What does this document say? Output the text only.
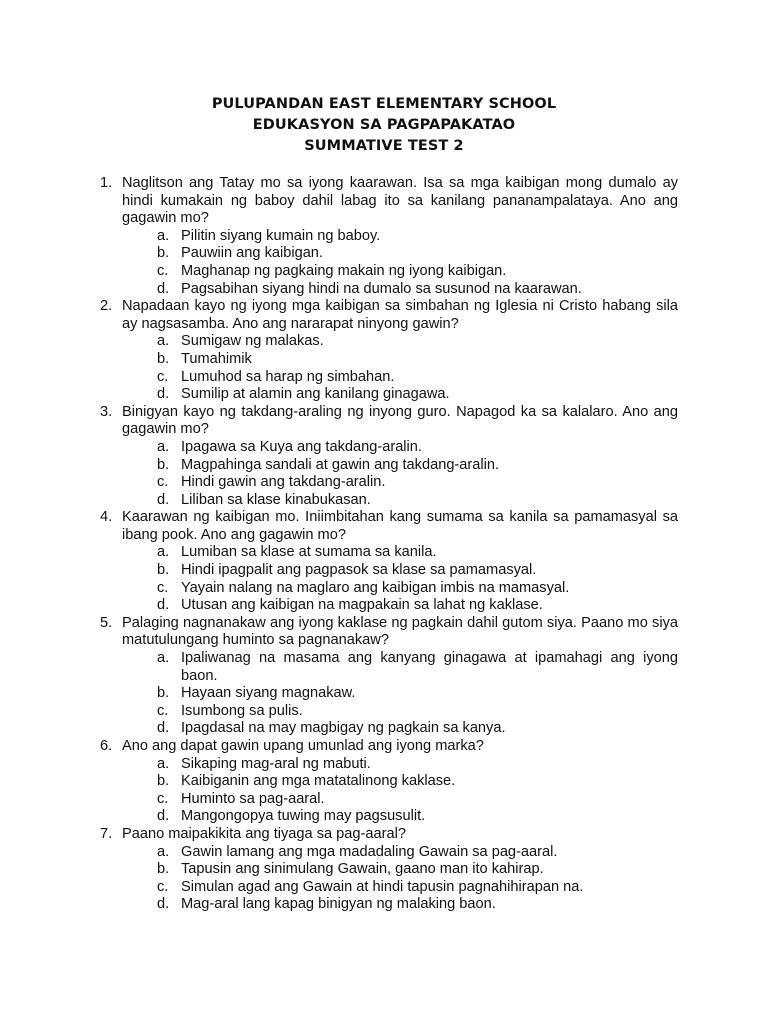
PULUPANDAN EAST ELEMENTARY SCHOOL
EDUKASYON SA PAGPAPAKATAO
SUMMATIVE TEST 2
1. Naglitson ang Tatay mo sa iyong kaarawan. Isa sa mga kaibigan mong dumalo ay hindi kumakain ng baboy dahil labag ito sa kanilang pananampalataya. Ano ang gagawin mo?
a. Pilitin siyang kumain ng baboy.
b. Pauwiin ang kaibigan.
c. Maghanap ng pagkaing makain ng iyong kaibigan.
d. Pagsabihan siyang hindi na dumalo sa susunod na kaarawan.
2. Napadaan kayo ng iyong mga kaibigan sa simbahan ng Iglesia ni Cristo habang sila ay nagsasamba. Ano ang nararapat ninyong gawin?
a. Sumigaw ng malakas.
b. Tumahimik
c. Lumuhod sa harap ng simbahan.
d. Sumilip at alamin ang kanilang ginagawa.
3. Binigyan kayo ng takdang-araling ng inyong guro. Napagod ka sa kalalaro. Ano ang gagawin mo?
a. Ipagawa sa Kuya ang takdang-aralin.
b. Magpahinga sandali at gawin ang takdang-aralin.
c. Hindi gawin ang takdang-aralin.
d. Liliban sa klase kinabukasan.
4. Kaarawan ng kaibigan mo. Iniimbitahan kang sumama sa kanila sa pamamasyal sa ibang pook. Ano ang gagawin mo?
a. Lumiban sa klase at sumama sa kanila.
b. Hindi ipagpalit ang pagpasok sa klase sa pamamasyal.
c. Yayain nalang na maglaro ang kaibigan imbis na mamasyal.
d. Utusan ang kaibigan na magpakain sa lahat ng kaklase.
5. Palaging nagnanakaw ang iyong kaklase ng pagkain dahil gutom siya. Paano mo siya matutulungang huminto sa pagnanakaw?
a. Ipaliwanag na masama ang kanyang ginagawa at ipamahagi ang iyong baon.
b. Hayaan siyang magnakaw.
c. Isumbong sa pulis.
d. Ipagdasal na may magbigay ng pagkain sa kanya.
6. Ano ang dapat gawin upang umunlad ang iyong marka?
a. Sikaping mag-aral ng mabuti.
b. Kaibiganin ang mga matatalinong kaklase.
c. Huminto sa pag-aaral.
d. Mangongopya tuwing may pagsusulit.
7. Paano maipakikita ang tiyaga sa pag-aaral?
a. Gawin lamang ang mga madadaling Gawain sa pag-aaral.
b. Tapusin ang sinimulang Gawain, gaano man ito kahirap.
c. Simulan agad ang Gawain at hindi tapusin pagnahihirapan na.
d. Mag-aral lang kapag binigyan ng malaking baon.
